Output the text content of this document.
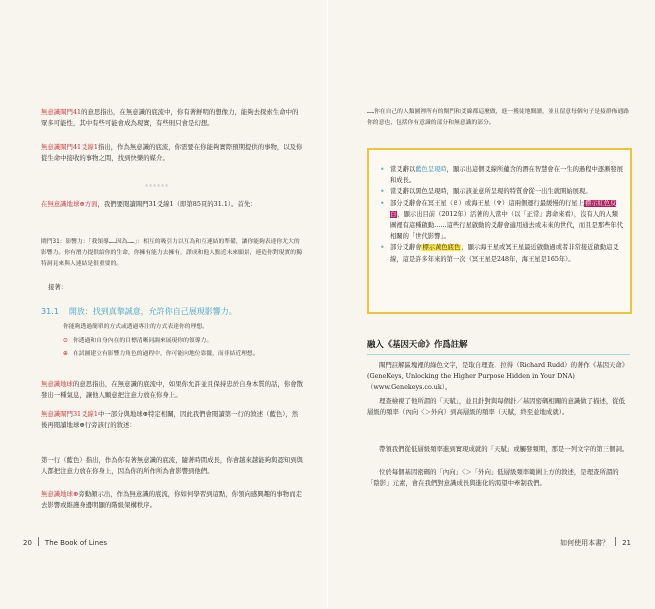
無意識閘門41的意思指出，在無意識的底流中，你有著鮮明的想像力，能夠去探索生命中的眾多可能性，其中有些可能會成為現實，有些則只會是幻想。
無意識閘門41爻線1指出，作為無意識的底流，你需要在你能夠實際預期提供的事物，以及你從生命中接收的事物之間，找到快樂的媒介。
******
在無意識地球⊕方面，我們要閱讀閘門31爻線1（即第85頁的31.1）。首先：
閘門31：影響力：「我領導……因為……」：相互的吸引力以互為和互連結的準備，讓你能夠表達你尤大的影響力。你有潛力提供給你的生命，你擁有能力去擁有，譯成和他人點近未來願景，連造你對現實的獨特洞見來與人連結是很重要的。
接著：
31.1 開放：找到真摯誠意，允許你自己展現影響力。
你能夠透過簡單的方式或透過專注的方式表達你的理想。
⊙ 你透過和自身內在的目標清晰同調來展現你的領導力。
⊕ 在試圖建立有影響力角色的過程中，你可能向地位靠攏，而非結近理想。
無意識地球的意思指出，在無意識的底流中，如果你允許並且保持忠於自身本質的話，你會散發出一種氣息，讓他人願意把注意力放在你身上。
無意識閘門31爻線1中一部分與地球⊕特定相關，因此我們會閱讀第一行的敘述（藍色），然後再閱讀地球⊕行旁該行的敘述：
第一行（藍色）指出，作為你有著無意識的底流，隨著時間成長，你會越來越能夠與認知到與人都把注意力放在你身上，因為你的所作所為會影響到他們。
無意識地球⊕旁動顏示出，作為無意識的底流，你如何學習到這點，你領向感興趣的事物而走去影響或維護身邊明顯的階級架構秩序。
20 The Book of Lines
……你在自己的人類圖裡所有的閘門和爻線都這麼做，進一獲徒地閱讀，並且留意每個句子是接群佈通路你的意也，包括你有意識的部分和無意識的部分。
• 當爻辭以藍色呈現時，顯示出這個爻線所蘊含的潛在智慧會在一生的過程中逐漸發展和成長。
• 當爻辭以黑色呈現時，顯示該並意所呈現的特質會從一出生就開始展現。
• 部分爻辭會在冥王星（♇）或海王星（♆）這兩個運行最緩慢的行星上標示紅色反白，顯示出目前（2012年）活著的人當中（以「正常」壽命來看），沒有人的人類圖裡有這種啟動……這些行星啟動的爻辭會適用通去或未來的世代，而且是那些年代相關的「世代影響」。
• 部分爻辭會標示黃色底色，顯示海王星或冥王星最近啟動過或者非常接近啟動這爻線，這是許多年來的第一次（冥王星是248年，海王星是165年）。
融入《基因天命》作爲註解
閘門註解區塊裡的綠色文字，是取自理查．拉得（Richard Rudd）的著作《基因天命》(GeneKeys, Unlocking the Higher Purpose Hidden in Your DNA)（www.Genekeys.co.uk）。
理查檢視了他所謂的「天賦」，並且針對與每個針／基因密碼相關的意識做了描述，從低層級的頻率（內向〈＞外向）到高層級的頻率（天賦，終至並地成就）。
帶領我們從低層級頻率進到實現成就的「天賦」或觸發頻期，那是一列文字的第三個詞。
位於每個基因密碼的「內向」〈＞「外向」低層級頻率範圍上方的敘述，是理查所謂的「陰影」元素，會在我們對意識成長與進化的渴望中牽制我們。
如何使用本書？ 21
